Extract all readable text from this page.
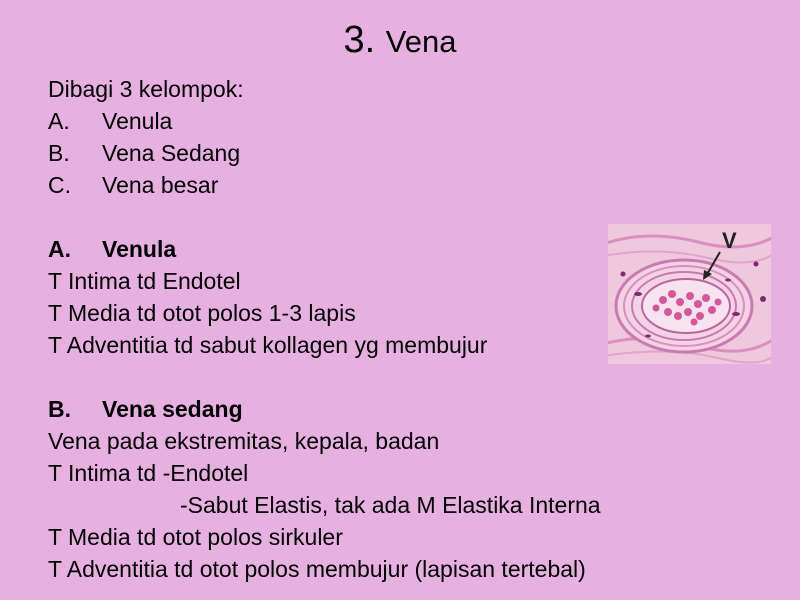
3. Vena
Dibagi 3 kelompok:
A. Venula
B. Vena Sedang
C. Vena besar
A. Venula
T Intima td Endotel
T Media td otot polos 1-3 lapis
T Adventitia td sabut kollagen yg membujur
B. Vena sedang
Vena pada ekstremitas, kepala, badan
T Intima td -Endotel
-Sabut Elastis, tak ada M Elastika Interna
T Media td otot polos sirkuler
T Adventitia td otot polos membujur (lapisan tertebal)
V
